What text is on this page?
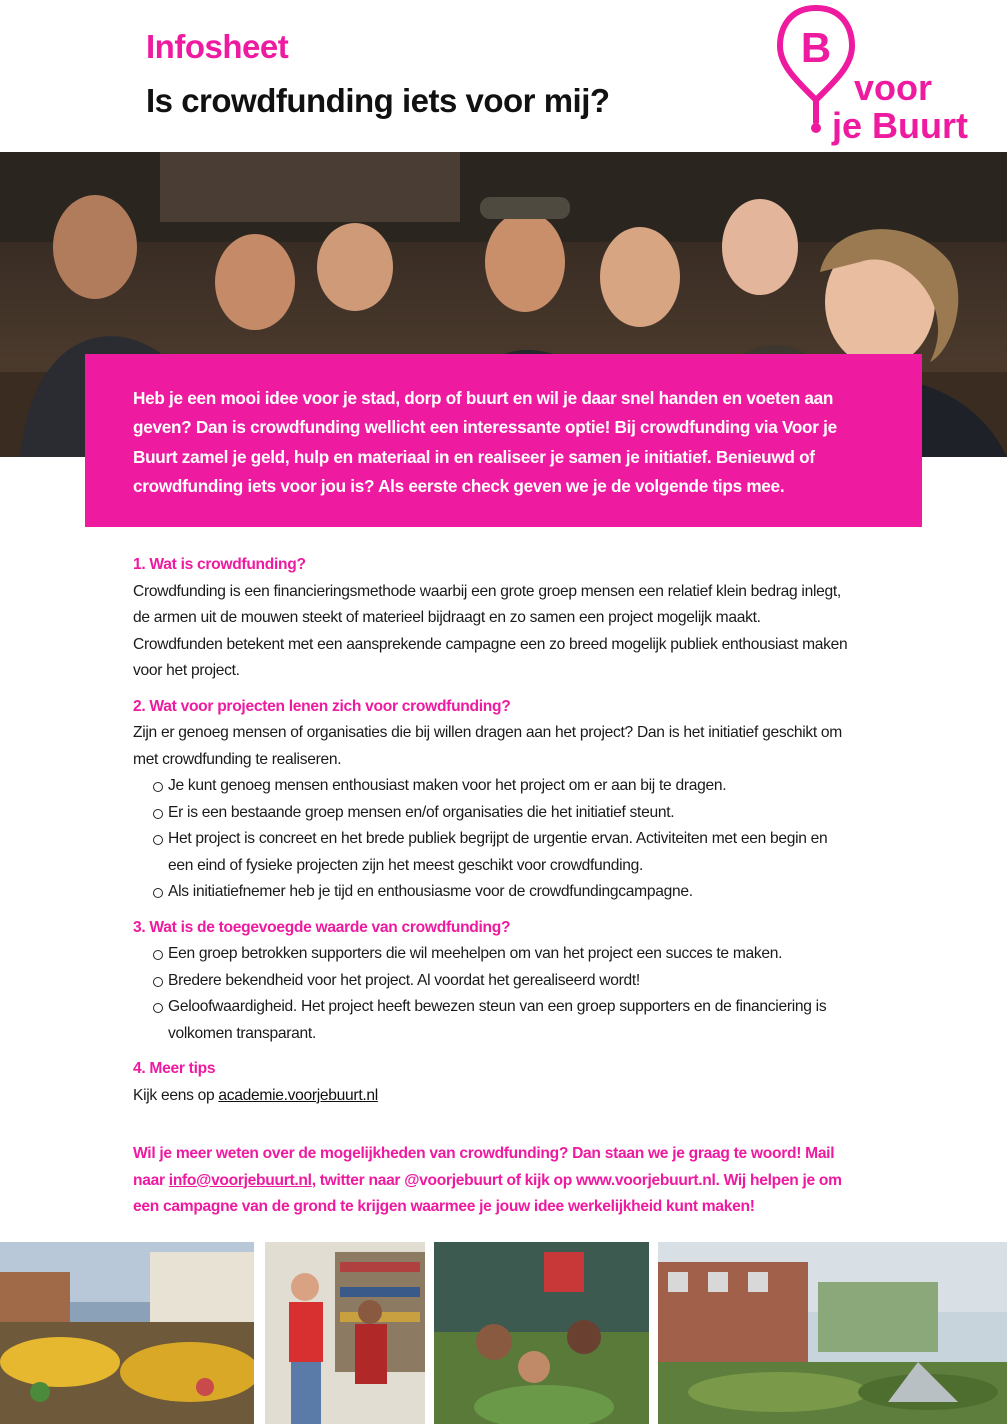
Infosheet
Is crowdfunding iets voor mij?
B
voor
je Buurt

Heb je een mooi idee voor je stad, dorp of buurt en wil je daar snel handen en voeten aan geven? Dan is crowdfunding wellicht een interessante optie! Bij crowdfunding via Voor je Buurt zamel je geld, hulp en materiaal in en realiseer je samen je initiatief. Benieuwd of crowdfunding iets voor jou is? Als eerste check geven we je de volgende tips mee.

1. Wat is crowdfunding?

Crowdfunding is een financieringsmethode waarbij een grote groep mensen een relatief klein bedrag inlegt, de armen uit de mouwen steekt of materieel bijdraagt en zo samen een project mogelijk maakt. Crowdfunden betekent met een aansprekende campagne een zo breed mogelijk publiek enthousiast maken voor het project.

2. Wat voor projecten lenen zich voor crowdfunding?

Zijn er genoeg mensen of organisaties die bij willen dragen aan het project? Dan is het initiatief geschikt om met crowdfunding te realiseren.

Je kunt genoeg mensen enthousiast maken voor het project om er aan bij te dragen.
Er is een bestaande groep mensen en/of organisaties die het initiatief steunt.
Het project is concreet en het brede publiek begrijpt de urgentie ervan. Activiteiten met een begin en een eind of fysieke projecten zijn het meest geschikt voor crowdfunding.
Als initiatiefnemer heb je tijd en enthousiasme voor de crowdfundingcampagne.

3. Wat is de toegevoegde waarde van crowdfunding?

Een groep betrokken supporters die wil meehelpen om van het project een succes te maken.
Bredere bekendheid voor het project. Al voordat het gerealiseerd wordt!
Geloofwaardigheid. Het project heeft bewezen steun van een groep supporters en de financiering is volkomen transparant.

4. Meer tips

Kijk eens op academie.voorjebuurt.nl

Wil je meer weten over de mogelijkheden van crowdfunding? Dan staan we je graag te woord! Mail naar info@voorjebuurt.nl, twitter naar @voorjebuurt of kijk op www.voorjebuurt.nl. Wij helpen je om een campagne van de grond te krijgen waarmee je jouw idee werkelijkheid kunt maken!
